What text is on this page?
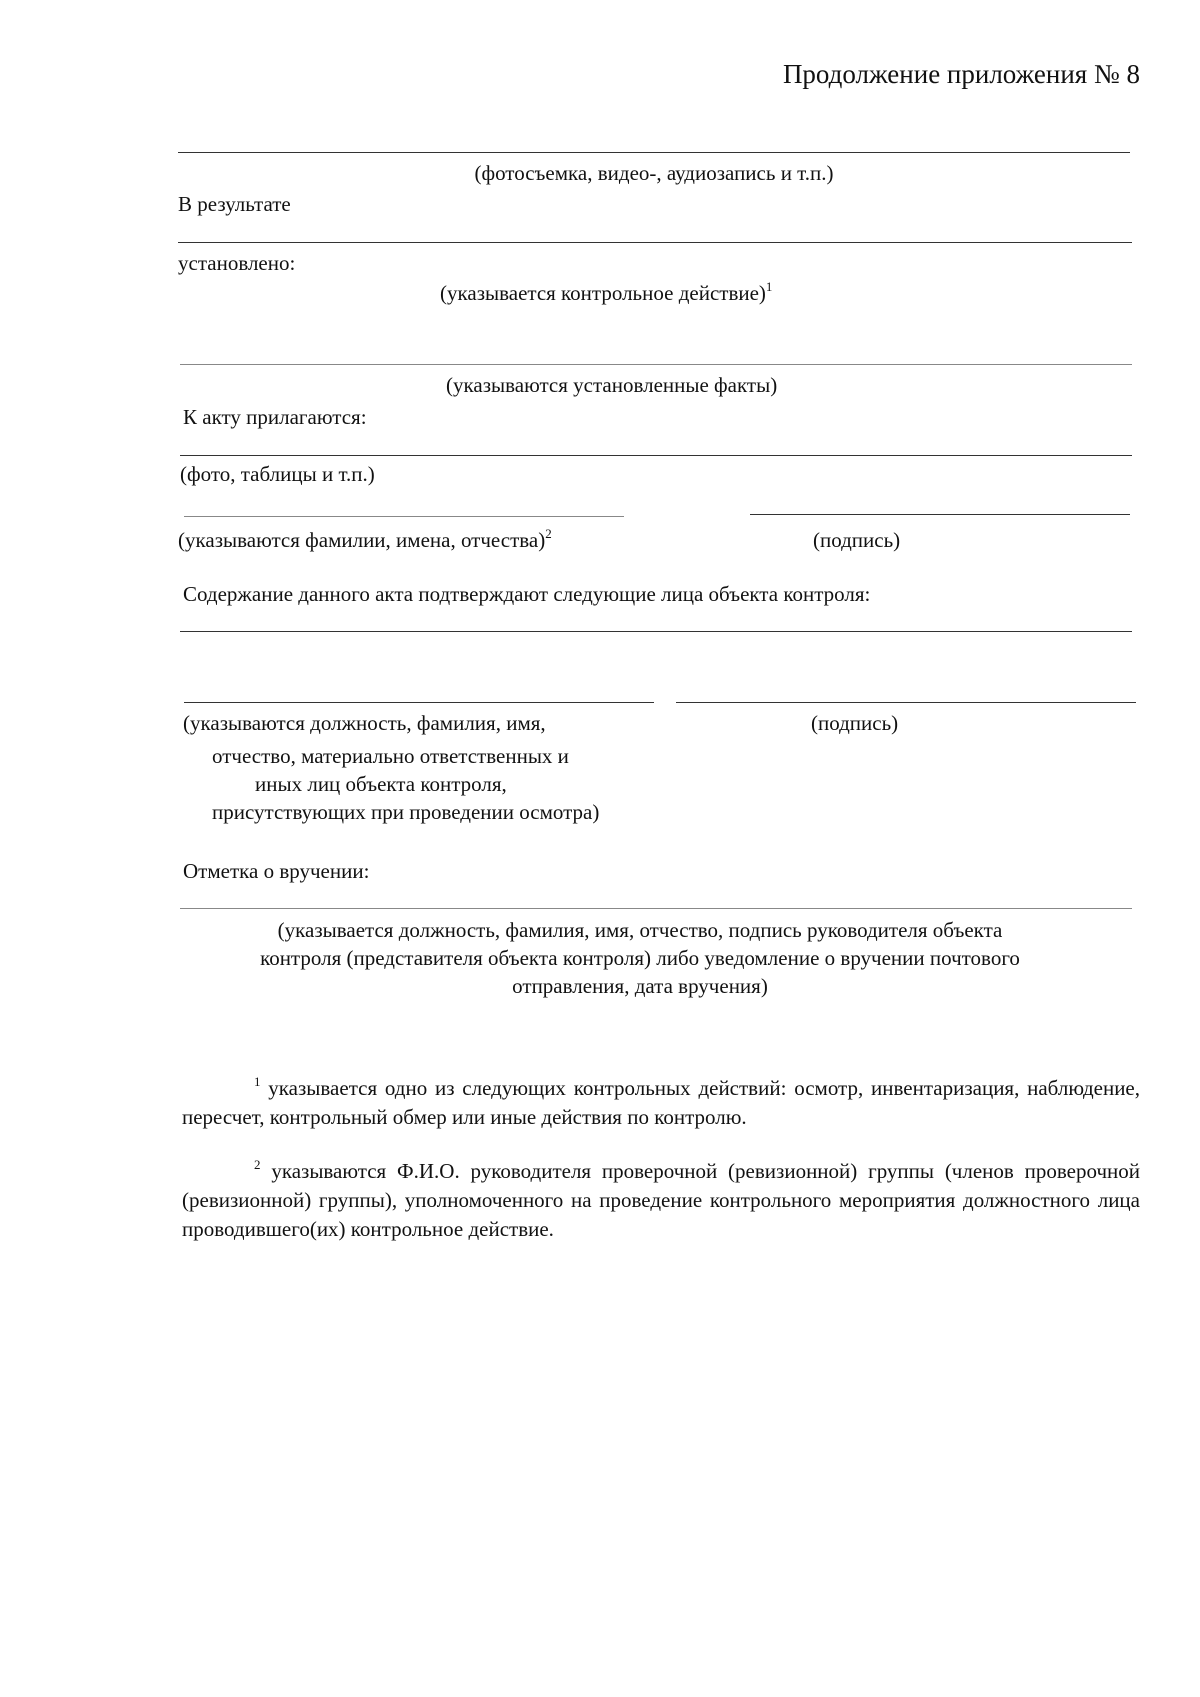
Продолжение приложения № 8
(фотосъемка, видео-, аудиозапись и т.п.)
В результате
установлено:
(указывается контрольное действие)$^1$
(указываются установленные факты)
К акту прилагаются:
(фото, таблицы и т.п.)
(указываются фамилии, имена, отчества)$^2$	(подпись)
Содержание данного акта подтверждают следующие лица объекта контроля:
(указываются должность, фамилия, имя,	(подпись)
отчество, материально ответственных и
иных лиц объекта контроля,
присутствующих при проведении осмотра)
Отметка о вручении:
(указывается должность, фамилия, имя, отчество, подпись руководителя объекта
контроля (представителя объекта контроля) либо уведомление о вручении почтового
отправления, дата вручения)
$^1$ указывается одно из следующих контрольных действий: осмотр, инвентаризация, наблюдение, пересчет, контрольный обмер или иные действия по контролю.
$^2$ указываются Ф.И.О. руководителя проверочной (ревизионной) группы (членов проверочной (ревизионной) группы), уполномоченного на проведение контрольного мероприятия должностного лица проводившего(их) контрольное действие.
